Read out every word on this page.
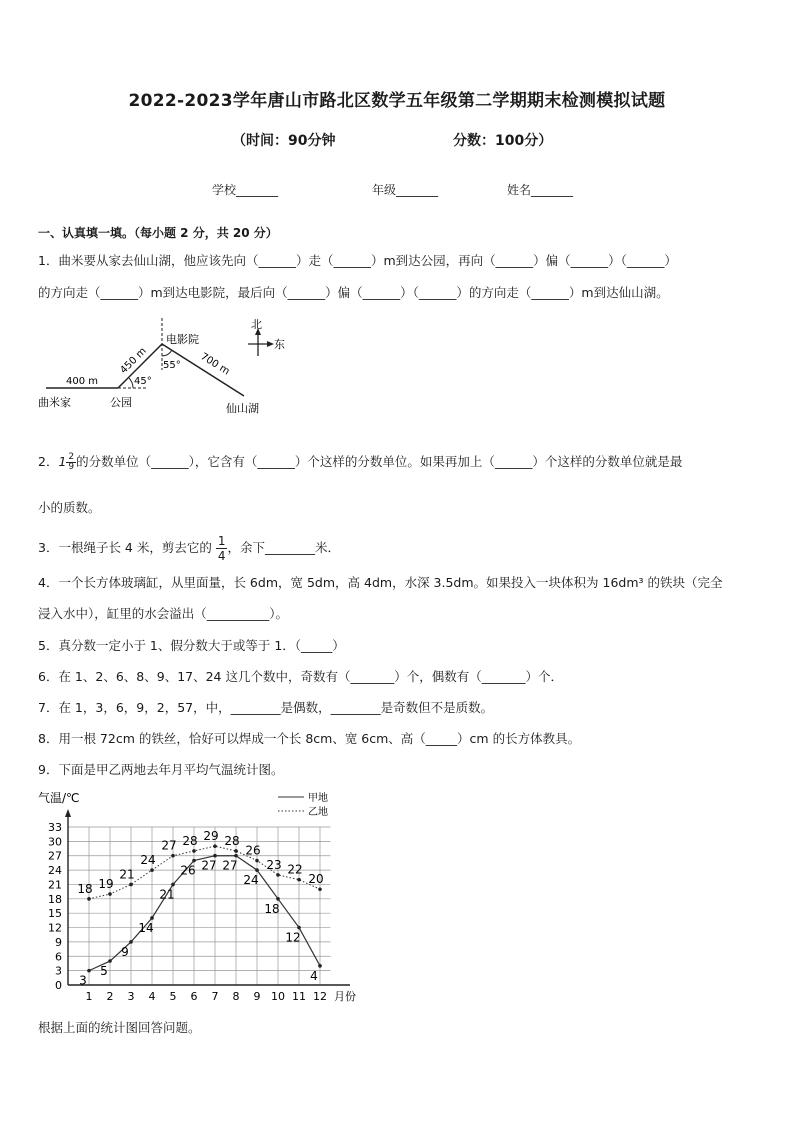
2022-2023学年唐山市路北区数学五年级第二学期期末检测模拟试题
（时间：90分钟	分数：100分）
学校_______	年级_______	姓名_______
一、认真填一填。（每小题 2 分，共 20 分）
1．曲米要从家去仙山湖，他应该先向（______）走（______）m到达公园，再向（______）偏（______）（______）
的方向走（______）m到达电影院，最后向（______）偏（______）（______）的方向走（______）m到达仙山湖。
北
东
400 m
450 m	700 m
45°
55°
电影院
曲米家	公园	仙山湖
2．$1 \frac{2}{9}$ 的分数单位（______），它含有（______）个这样的分数单位。如果再加上（______）个这样的分数单位就是最
小的质数。
3．一根绳子长 4 米，剪去它的 $\frac{1}{4}$ ，余下________米．
4．一个长方体玻璃缸，从里面量，长 6dm，宽 5dm，高 4dm，水深 3.5dm。如果投入一块体积为 16dm³ 的铁块（完全
浸入水中），缸里的水会溢出（__________）。
5．真分数一定小于 1、假分数大于或等于 1．（_____）
6．在 1、2、6、8、9、17、24 这几个数中，奇数有（_______）个，偶数有（_______）个．
7．在 1，3，6，9，2，57，中，________是偶数，________是奇数但不是质数。
8．用一根 72cm 的铁丝，恰好可以焊成一个长 8cm、宽 6cm、高（_____）cm 的长方体教具。
9．下面是甲乙两地去年月平均气温统计图。
0
3
6
9
12
15
18
21
24
27
30
33
1 2 3 4 5 6 7 8 9 10 11 12 月份
气温/℃	甲地
乙地
3
5
9
14
21
26 27 27
24
18
12
4
18 19
21
24
27 28 29 28
26
23 22
20
根据上面的统计图回答问题。
